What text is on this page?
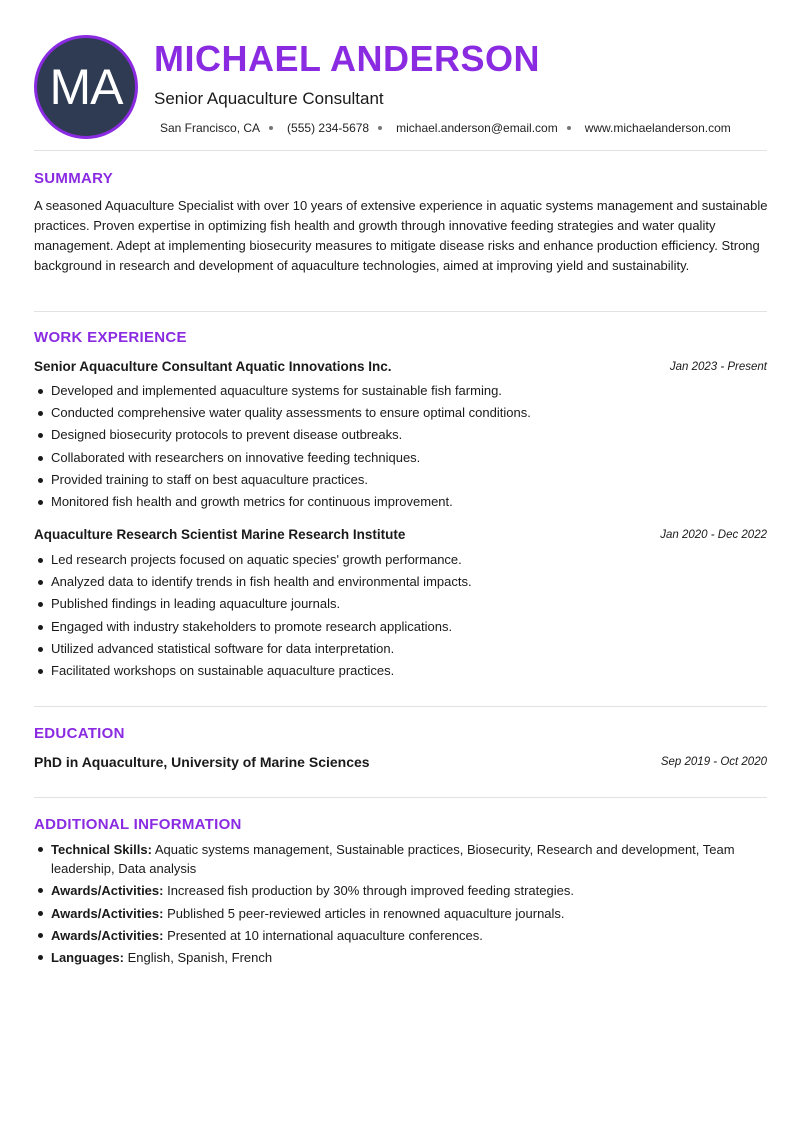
MA
MICHAEL ANDERSON
Senior Aquaculture Consultant
San Francisco, CA (555) 234-5678 michael.anderson@email.com www.michaelanderson.com
SUMMARY
A seasoned Aquaculture Specialist with over 10 years of extensive experience in aquatic systems management and sustainable practices. Proven expertise in optimizing fish health and growth through innovative feeding strategies and water quality management. Adept at implementing biosecurity measures to mitigate disease risks and enhance production efficiency. Strong background in research and development of aquaculture technologies, aimed at improving yield and sustainability.
WORK EXPERIENCE
Senior Aquaculture Consultant Aquatic Innovations Inc.	Jan 2023 - Present
Developed and implemented aquaculture systems for sustainable fish farming.
Conducted comprehensive water quality assessments to ensure optimal conditions.
Designed biosecurity protocols to prevent disease outbreaks.
Collaborated with researchers on innovative feeding techniques.
Provided training to staff on best aquaculture practices.
Monitored fish health and growth metrics for continuous improvement.
Aquaculture Research Scientist Marine Research Institute	Jan 2020 - Dec 2022
Led research projects focused on aquatic species' growth performance.
Analyzed data to identify trends in fish health and environmental impacts.
Published findings in leading aquaculture journals.
Engaged with industry stakeholders to promote research applications.
Utilized advanced statistical software for data interpretation.
Facilitated workshops on sustainable aquaculture practices.
EDUCATION
PhD in Aquaculture, University of Marine Sciences	Sep 2019 - Oct 2020
ADDITIONAL INFORMATION
Technical Skills: Aquatic systems management, Sustainable practices, Biosecurity, Research and development, Team leadership, Data analysis
Awards/Activities: Increased fish production by 30% through improved feeding strategies.
Awards/Activities: Published 5 peer-reviewed articles in renowned aquaculture journals.
Awards/Activities: Presented at 10 international aquaculture conferences.
Languages: English, Spanish, French
